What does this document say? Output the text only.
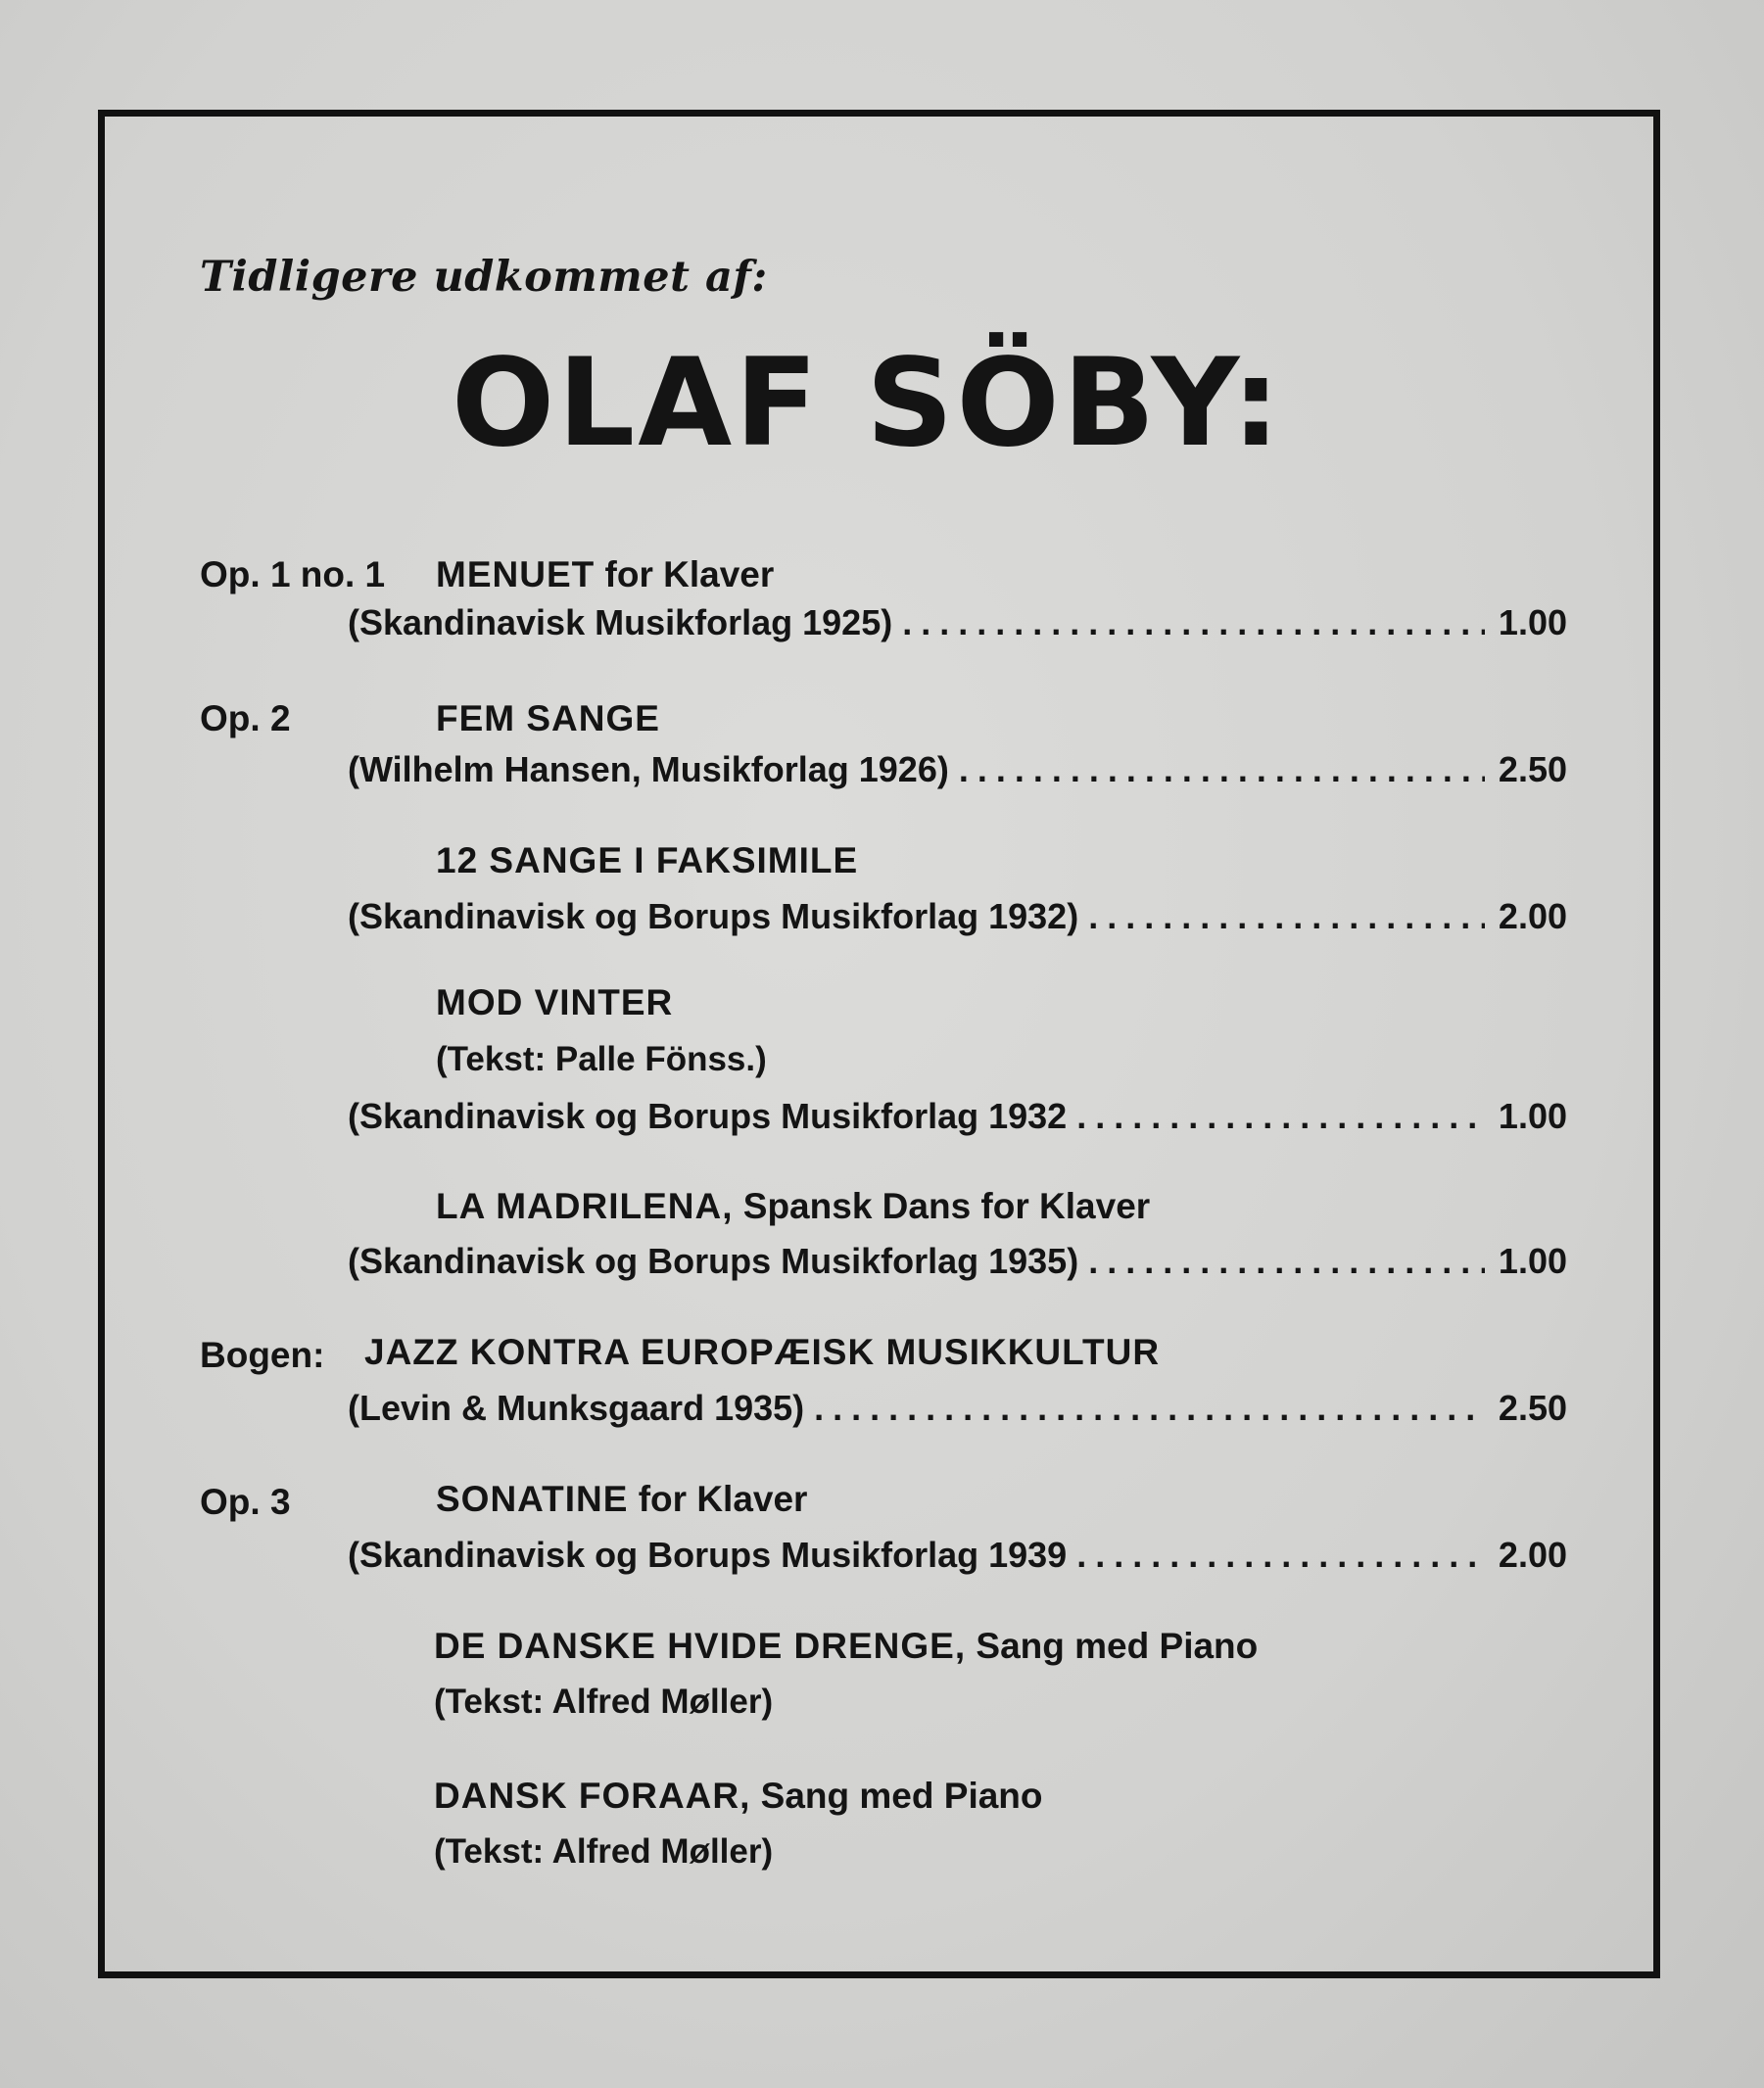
Tidligere udkommet af:
OLAF SÖBY:
Op. 1 no. 1 MENUET for Klaver
(Skandinavisk Musikforlag 1925) .....	1.00
Op. 2	FEM SANGE
(Wilhelm Hansen, Musikforlag 1926) .....	2.50
12 SANGE I FAKSIMILE
(Skandinavisk og Borups Musikforlag 1932) .....	2.00
MOD VINTER
(Tekst: Palle Fönss.)
(Skandinavisk og Borups Musikforlag 1932 .....	1.00
LA MADRILENA, Spansk Dans for Klaver
(Skandinavisk og Borups Musikforlag 1935) .....	1.00
Bogen: JAZZ KONTRA EUROPÆISK MUSIKKULTUR
(Levin & Munksgaard 1935) .....	2.50
Op. 3	SONATINE for Klaver
(Skandinavisk og Borups Musikforlag 1939 .....	2.00
DE DANSKE HVIDE DRENGE, Sang med Piano
(Tekst: Alfred Møller)
DANSK FORAAR, Sang med Piano
(Tekst: Alfred Møller)
